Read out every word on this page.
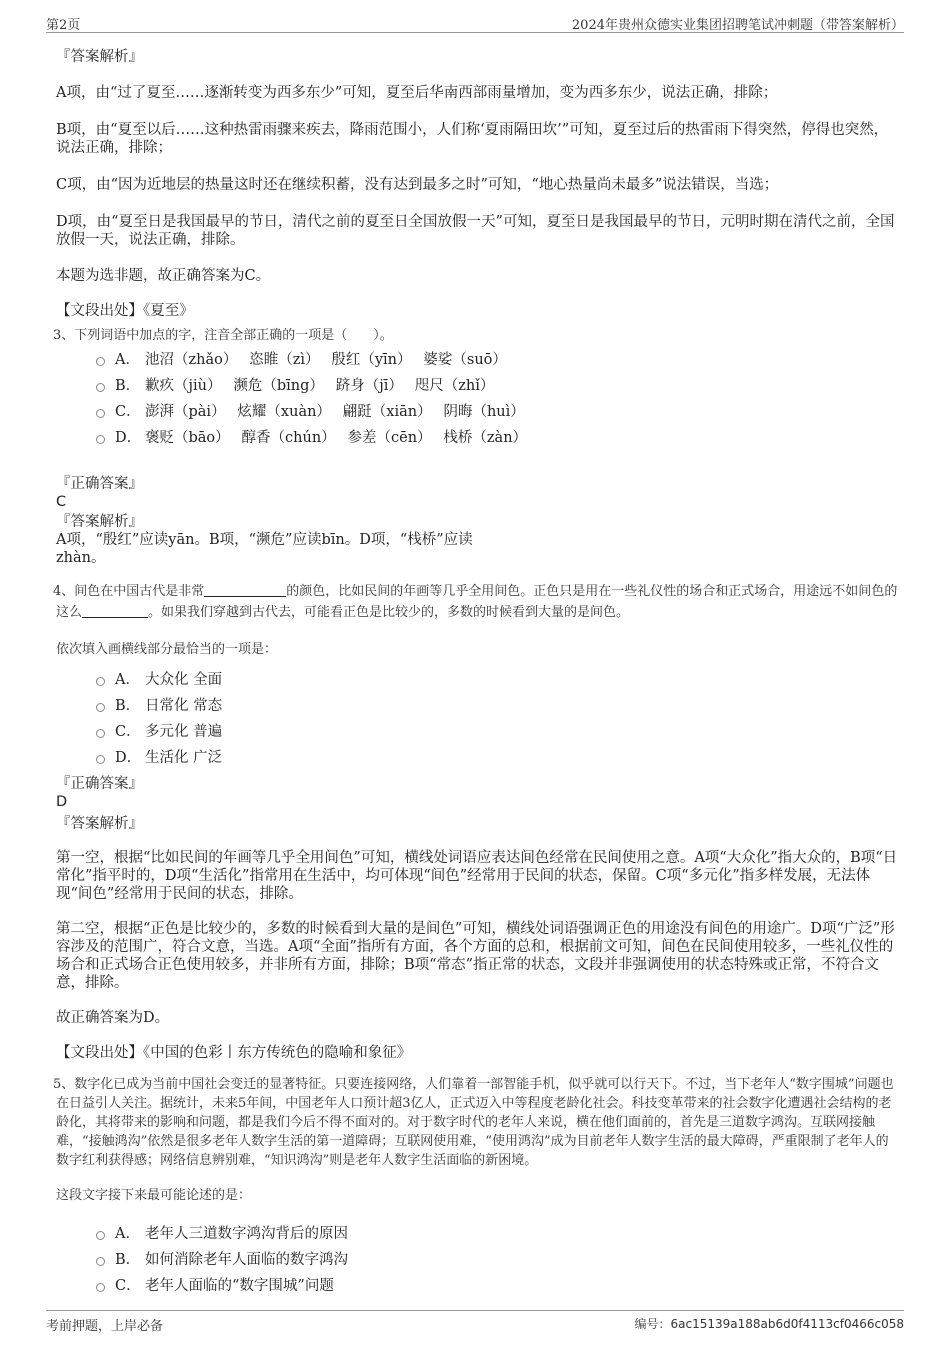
第2页	2024年贵州众德实业集团招聘笔试冲刺题（带答案解析）
『答案解析』

A项，由“过了夏至……逐渐转变为西多东少”可知，夏至后华南西部雨量增加，变为西多东少，说法正确，排除；

B项，由“夏至以后……这种热雷雨骤来疾去，降雨范围小，人们称‘夏雨隔田坎’”可知，夏至过后的热雷雨下得突然，停得也突然，说法正确，排除；

C项，由“因为近地层的热量这时还在继续积蓄，没有达到最多之时”可知，“地心热量尚未最多”说法错误，当选；

D项，由“夏至日是我国最早的节日，清代之前的夏至日全国放假一天”可知，夏至日是我国最早的节日，元明时期在清代之前，全国放假一天，说法正确，排除。

本题为选非题，故正确答案为C。

【文段出处】《夏至》

3、下列词语中加点的字，注音全部正确的一项是（　　）。

A． 池沼（zhǎo）　 恣睢（zì）　 殷红（yīn）　 婆娑（suō）
B． 歉疚（jiù）　 濒危（bīng）　 跻身（jī）　 咫尺（zhǐ）
C． 澎湃（pài）　 炫耀（xuàn）　 翩跹（xiān）　 阴晦（huì）
D． 褒贬（bāo）　 醇香（chún）　 参差（cēn）　 栈桥（zàn）
『正确答案』
C
『答案解析』
A项，“殷红”应读yān。B项，“濒危”应读bīn。D项，“栈桥”应读
zhàn。

4、间色在中国古代是非常	的颜色，比如民间的年画等几乎全用间色。正色只是用在一些礼仪性的场合和正式场合，用途远不如间色的这么	。如果我们穿越到古代去，可能看正色是比较少的，多数的时候看到大量的是间色。

依次填入画横线部分最恰当的一项是：

A． 大众化 全面
B． 日常化 常态
C． 多元化 普遍
D． 生活化 广泛
『正确答案』
D
『答案解析』

第一空，根据“比如民间的年画等几乎全用间色”可知，横线处词语应表达间色经常在民间使用之意。A项“大众化”指大众的，B项“日常化”指平时的，D项“生活化”指常用在生活中，均可体现“间色”经常用于民间的状态，保留。C项“多元化”指多样发展，无法体现“间色”经常用于民间的状态，排除。

第二空，根据“正色是比较少的，多数的时候看到大量的是间色”可知，横线处词语强调正色的用途没有间色的用途广。D项“广泛”形容涉及的范围广，符合文意，当选。A项“全面”指所有方面，各个方面的总和，根据前文可知，间色在民间使用较多，一些礼仪性的场合和正式场合正色使用较多，并非所有方面，排除；B项“常态”指正常的状态，文段并非强调使用的状态特殊或正常，不符合文意，排除。

故正确答案为D。

【文段出处】《中国的色彩丨东方传统色的隐喻和象征》

5、数字化已成为当前中国社会变迁的显著特征。只要连接网络，人们靠着一部智能手机，似乎就可以行天下。不过，当下老年人“数字围城”问题也在日益引人关注。据统计，未来5年间，中国老年人口预计超3亿人，正式迈入中等程度老龄化社会。科技变革带来的社会数字化遭遇社会结构的老龄化，其将带来的影响和问题，都是我们今后不得不面对的。对于数字时代的老年人来说，横在他们面前的，首先是三道数字鸿沟。互联网接触难，“接触鸿沟”依然是很多老年人数字生活的第一道障碍；互联网使用难，“使用鸿沟”成为目前老年人数字生活的最大障碍，严重限制了老年人的数字红利获得感；网络信息辨别难，“知识鸿沟”则是老年人数字生活面临的新困境。

这段文字接下来最可能论述的是：

A． 老年人三道数字鸿沟背后的原因
B． 如何消除老年人面临的数字鸿沟
C． 老年人面临的“数字围城”问题
考前押题，上岸必备	编号：6ac15139a188ab6d0f4113cf0466c058
